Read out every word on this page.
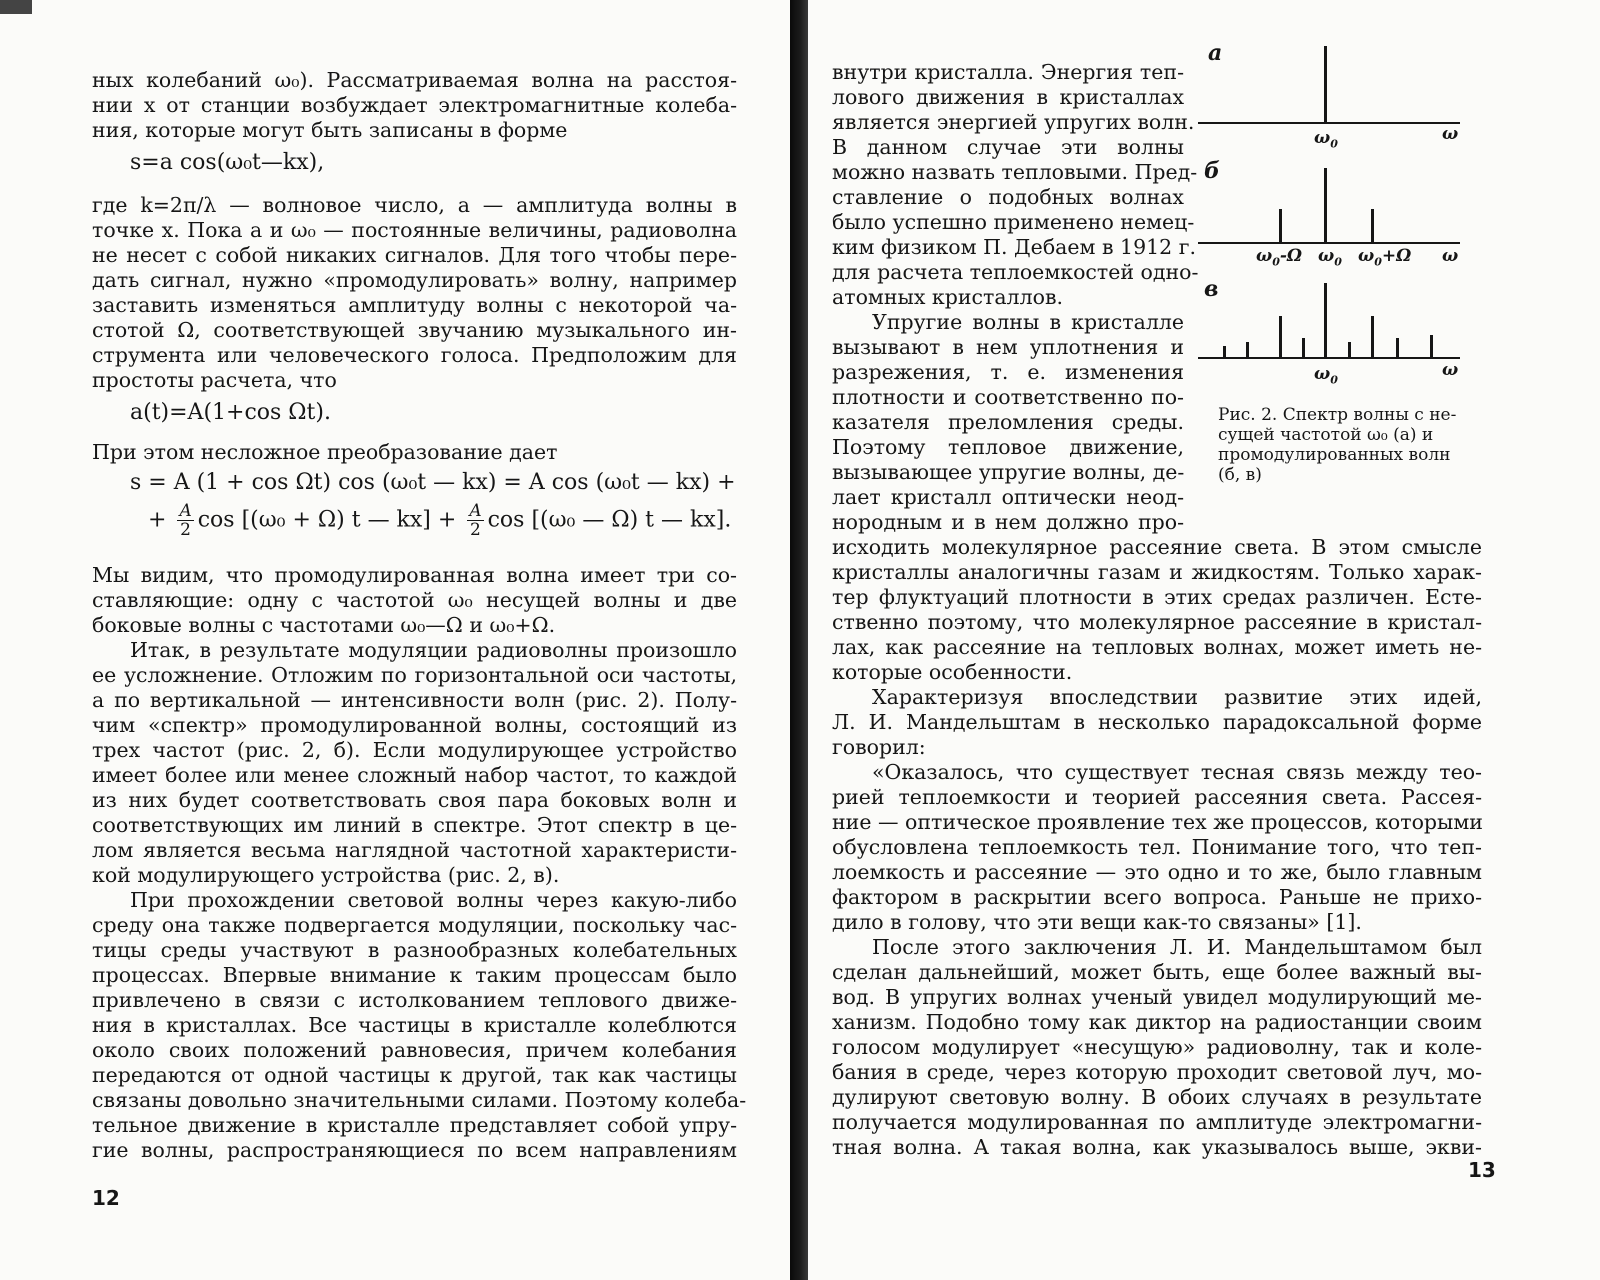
ных колебаний ω₀). Рассматриваемая волна на расстоя-
нии x от станции возбуждает электромагнитные колеба-
ния, которые могут быть записаны в форме
s=a cos(ω₀t—kx),
где k=2π/λ — волновое число, a — амплитуда волны в
точке x. Пока a и ω₀ — постоянные величины, радиоволна
не несет с собой никаких сигналов. Для того чтобы пере-
дать сигнал, нужно «промодулировать» волну, например
заставить изменяться амплитуду волны с некоторой ча-
стотой Ω, соответствующей звучанию музыкального ин-
струмента или человеческого голоса. Предположим для
простоты расчета, что
a(t)=A(1+cos Ωt).
При этом несложное преобразование дает
s = A (1 + cos Ωt) cos (ω₀t — kx) = A cos (ω₀t — kx) +
+ $\frac{A}{2}$ cos [(ω₀ + Ω) t — $kx] + \frac{A}{2}$ cos [(ω₀ — Ω) t — kx].
Мы видим, что промодулированная волна имеет три со-
ставляющие: одну с частотой ω₀ несущей волны и две
боковые волны с частотами ω₀—Ω и ω₀+Ω.
Итак, в результате модуляции радиоволны произошло
ее усложнение. Отложим по горизонтальной оси частоты,
а по вертикальной — интенсивности волн (рис. 2). Полу-
чим «спектр» промодулированной волны, состоящий из
трех частот (рис. 2, б). Если модулирующее устройство
имеет более или менее сложный набор частот, то каждой
из них будет соответствовать своя пара боковых волн и
соответствующих им линий в спектре. Этот спектр в це-
лом является весьма наглядной частотной характеристи-
кой модулирующего устройства (рис. 2, в).
При прохождении световой волны через какую-либо
среду она также подвергается модуляции, поскольку час-
тицы среды участвуют в разнообразных колебательных
процессах. Впервые внимание к таким процессам было
привлечено в связи с истолкованием теплового движе-
ния в кристаллах. Все частицы в кристалле колеблются
около своих положений равновесия, причем колебания
передаются от одной частицы к другой, так как частицы
связаны довольно значительными силами. Поэтому колеба-
тельное движение в кристалле представляет собой упру-
гие волны, распространяющиеся по всем направлениям
12
внутри кристалла. Энергия теп-
лового движения в кристаллах
является энергией упругих волн.
В данном случае эти волны
можно назвать тепловыми. Пред-
ставление о подобных волнах
было успешно применено немец-
ким физиком П. Дебаем в 1912 г.
для расчета теплоемкостей одно-
атомных кристаллов.
Упругие волны в кристалле
вызывают в нем уплотнения и
разрежения, т. е. изменения
плотности и соответственно по-
казателя преломления среды.
Поэтому тепловое движение,
вызывающее упругие волны, де-
лает кристалл оптически неод-
нородным и в нем должно про-
исходить молекулярное рассеяние света. В этом смысле
кристаллы аналогичны газам и жидкостям. Только харак-
тер флуктуаций плотности в этих средах различен. Есте-
ственно поэтому, что молекулярное рассеяние в кристал-
лах, как рассеяние на тепловых волнах, может иметь не-
которые особенности.
Характеризуя впоследствии развитие этих идей,
Л. И. Мандельштам в несколько парадоксальной форме
говорил:
«Оказалось, что существует тесная связь между тео-
рией теплоемкости и теорией рассеяния света. Рассея-
ние — оптическое проявление тех же процессов, которыми
обусловлена теплоемкость тел. Понимание того, что теп-
лоемкость и рассеяние — это одно и то же, было главным
фактором в раскрытии всего вопроса. Раньше не прихо-
дило в голову, что эти вещи как-то связаны» [1].
После этого заключения Л. И. Мандельштамом был
сделан дальнейший, может быть, еще более важный вы-
вод. В упругих волнах ученый увидел модулирующий ме-
ханизм. Подобно тому как диктор на радиостанции своим
голосом модулирует «несущую» радиоволну, так и коле-
бания в среде, через которую проходит световой луч, мо-
дулируют световую волну. В обоих случаях в результате
получается модулированная по амплитуде электромагни-
тная волна. А такая волна, как указывалось выше, экви-
13
а
$\omega_0$	ω
б
$\omega_0-\Omega$ $\omega_0$ $\omega_0+\Omega$ ω
в
$\omega_0$	ω
Рис. 2. Спектр волны с не-
сущей частотой ω₀ (а) и
промодулированных волн
(б, в)
